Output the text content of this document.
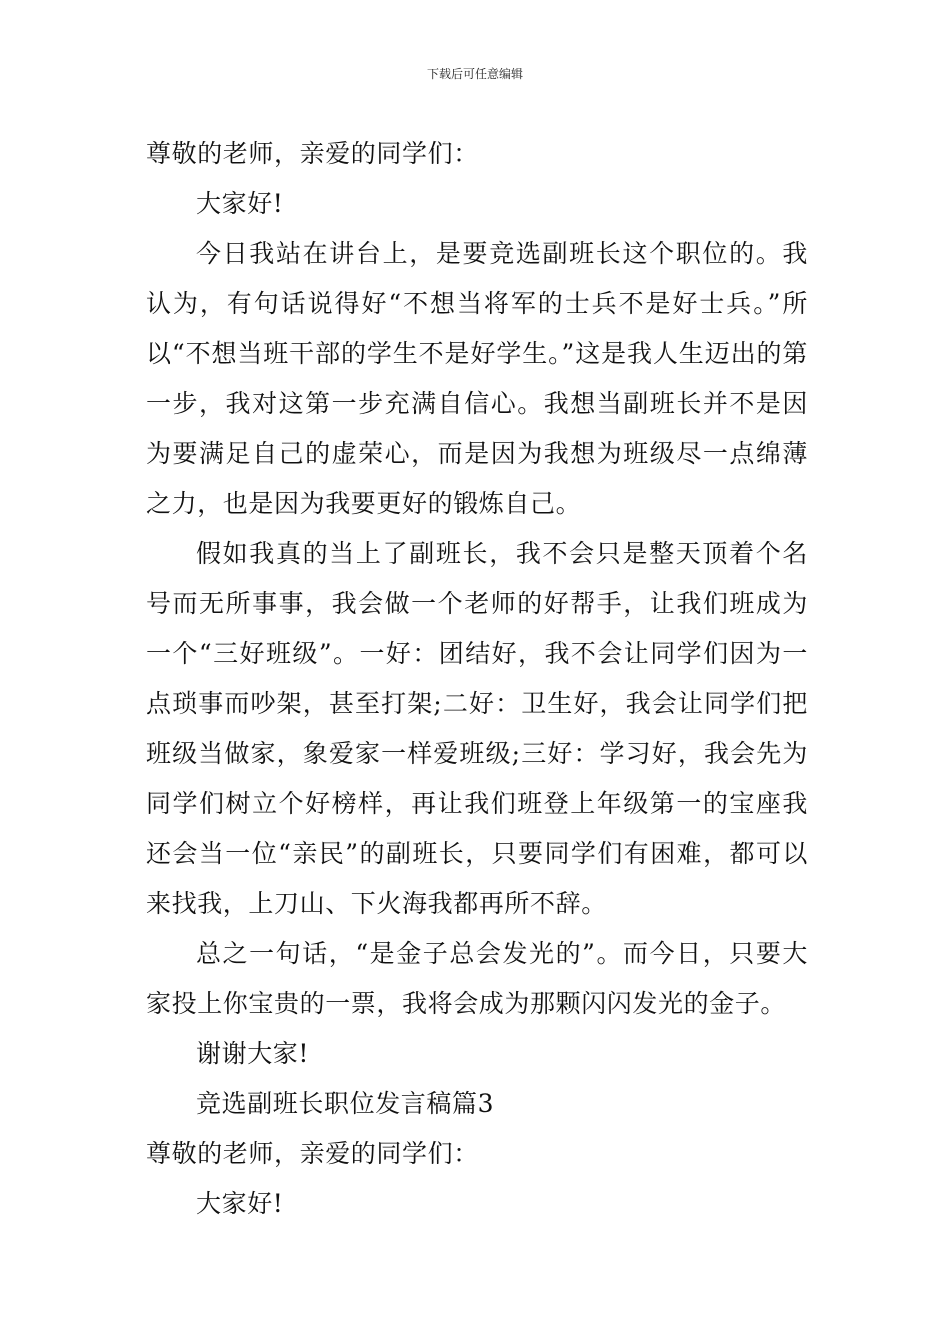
下载后可任意编辑

尊敬的老师，亲爱的同学们：

大家好!

今日我站在讲台上，是要竞选副班长这个职位的。我认为，有句话说得好“不想当将军的士兵不是好士兵。”所以“不想当班干部的学生不是好学生。”这是我人生迈出的第一步，我对这第一步充满自信心。我想当副班长并不是因为要满足自己的虚荣心，而是因为我想为班级尽一点绵薄之力，也是因为我要更好的锻炼自己。

假如我真的当上了副班长，我不会只是整天顶着个名号而无所事事，我会做一个老师的好帮手，让我们班成为一个“三好班级”。一好：团结好，我不会让同学们因为一点琐事而吵架，甚至打架;二好：卫生好，我会让同学们把班级当做家，象爱家一样爱班级;三好：学习好，我会先为同学们树立个好榜样，再让我们班登上年级第一的宝座我还会当一位“亲民”的副班长，只要同学们有困难，都可以来找我，上刀山、下火海我都再所不辞。

总之一句话，“是金子总会发光的”。而今日，只要大家投上你宝贵的一票，我将会成为那颗闪闪发光的金子。

谢谢大家!

竞选副班长职位发言稿篇3

尊敬的老师，亲爱的同学们：

大家好!
